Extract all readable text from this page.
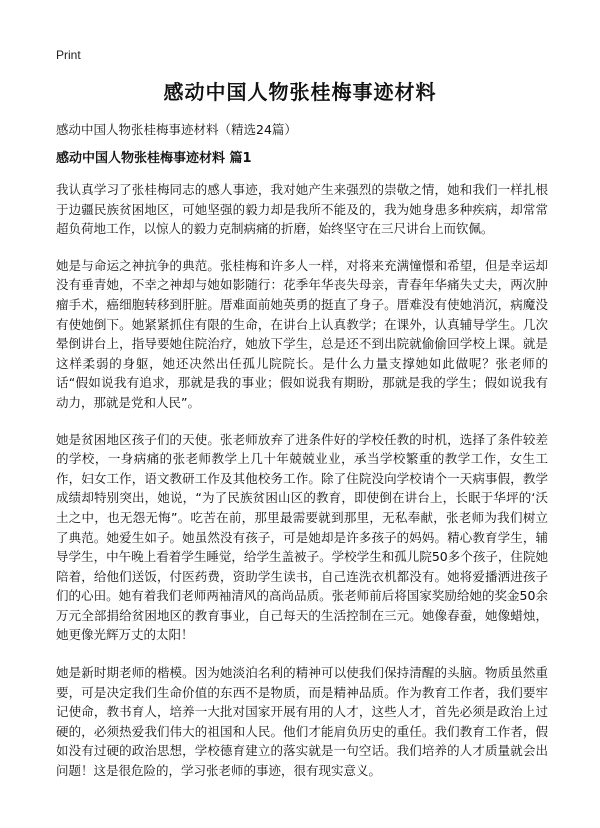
Print
感动中国人物张桂梅事迹材料
感动中国人物张桂梅事迹材料（精选24篇）
感动中国人物张桂梅事迹材料 篇1

我认真学习了张桂梅同志的感人事迹，我对她产生来强烈的崇敬之情，她和我们一样扎根于边疆民族贫困地区，可她坚强的毅力却是我所不能及的，我为她身患多种疾病，却常常超负荷地工作，以惊人的毅力克制病痛的折磨，始终坚守在三尺讲台上而钦佩。

她是与命运之神抗争的典范。张桂梅和许多人一样，对将来充满憧憬和希望，但是幸运却没有垂青她，不幸之神却与她如影随行：花季年华丧失母亲，青春年华痛失丈夫，两次肿瘤手术，癌细胞转移到肝脏。厝难面前她英勇的挺直了身子。厝难没有使她消沉，病魔没有使她倒下。她紧紧抓住有限的生命，在讲台上认真教学；在课外，认真辅导学生。几次晕倒讲台上，指导要她住院治疗，她放下学生，总是还不到出院就偷偷回学校上课。就是这样柔弱的身躯，她还决然出任孤儿院院长。是什么力量支撑她如此做呢？张老师的话“假如说我有追求，那就是我的事业；假如说我有期盼，那就是我的学生；假如说我有动力，那就是党和人民”。

她是贫困地区孩子们的天使。张老师放弃了进条件好的学校任教的时机，选择了条件较差的学校，一身病痛的张老师教学上几十年兢兢业业，承当学校繁重的教学工作，女生工作，妇女工作，语文教研工作及其他校务工作。除了住院没向学校请个一天病事假，教学成绩却特别突出，她说，“为了民族贫困山区的教育，即使倒在讲台上，长眠于华坪的‘沃土之中，也无怨无悔”。吃苦在前，那里最需要就到那里，无私奉献，张老师为我们树立了典范。她爱生如子。她虽然没有孩子，可是她却是许多孩子的妈妈。精心教育学生，辅导学生，中午晚上看着学生睡觉，给学生盖被子。学校学生和孤儿院50多个孩子，住院她陪着，给他们送饭，付医药费，资助学生读书，自己连洗衣机都没有。她将爱播洒进孩子们的心田。她有着我们老师两袖清风的高尚品质。张老师前后将国家奖励给她的奖金50余万元全部捐给贫困地区的教育事业，自己每天的生活控制在三元。她像春蚕，她像蜡烛，她更像光辉万丈的太阳！

她是新时期老师的楷模。因为她淡泊名利的精神可以使我们保持清醒的头脑。物质虽然重要，可是决定我们生命价值的东西不是物质，而是精神品质。作为教育工作者，我们要牢记使命，教书育人，培养一大批对国家开展有用的人才，这些人才，首先必须是政治上过硬的，必须热爱我们伟大的祖国和人民。他们才能肩负历史的重任。我们教育工作者，假如没有过硬的政治思想，学校德育建立的落实就是一句空话。我们培养的人才质量就会出问题！这是很危险的，学习张老师的事迹，很有现实意义。
